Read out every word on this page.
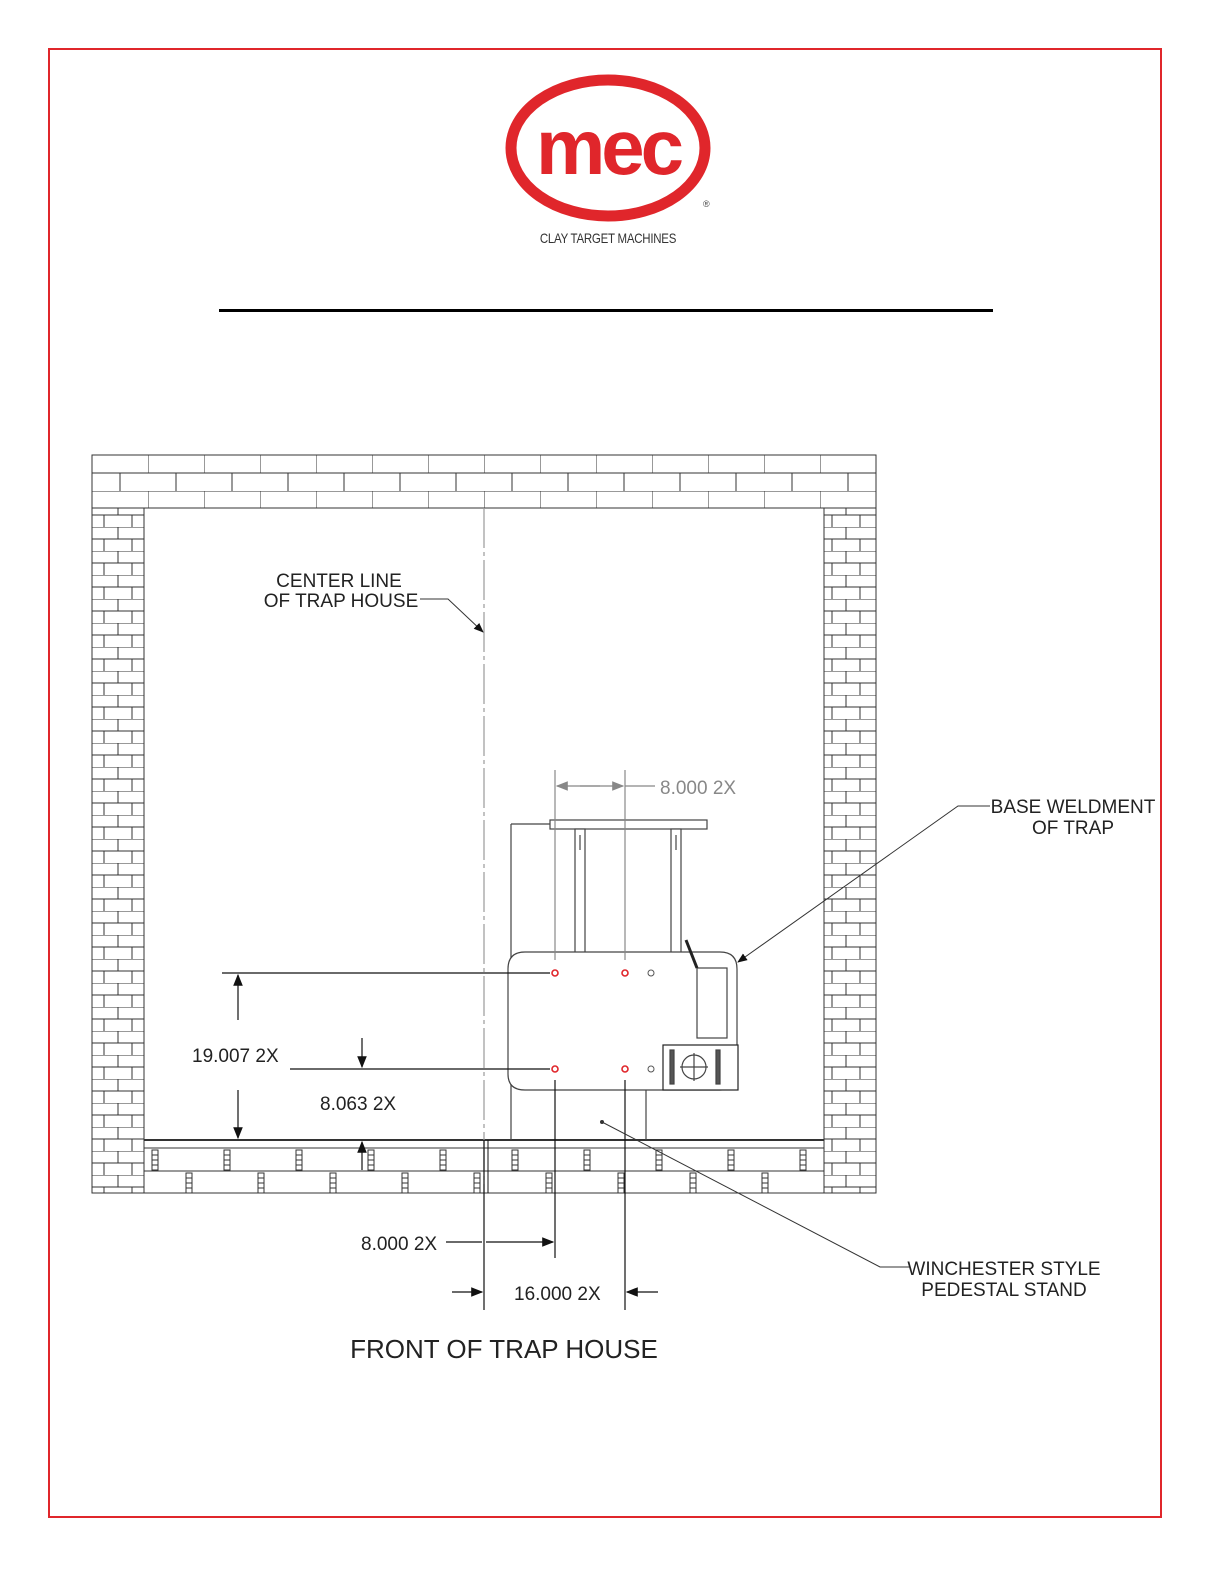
mec
®
CLAY TARGET MACHINES
8.000 2X
19.007 2X
8.063 2X
8.000 2X
16.000 2X
CENTER LINE
OF TRAP HOUSE
BASE WELDMENT
OF TRAP
WINCHESTER STYLE
PEDESTAL STAND
FRONT OF TRAP HOUSE
